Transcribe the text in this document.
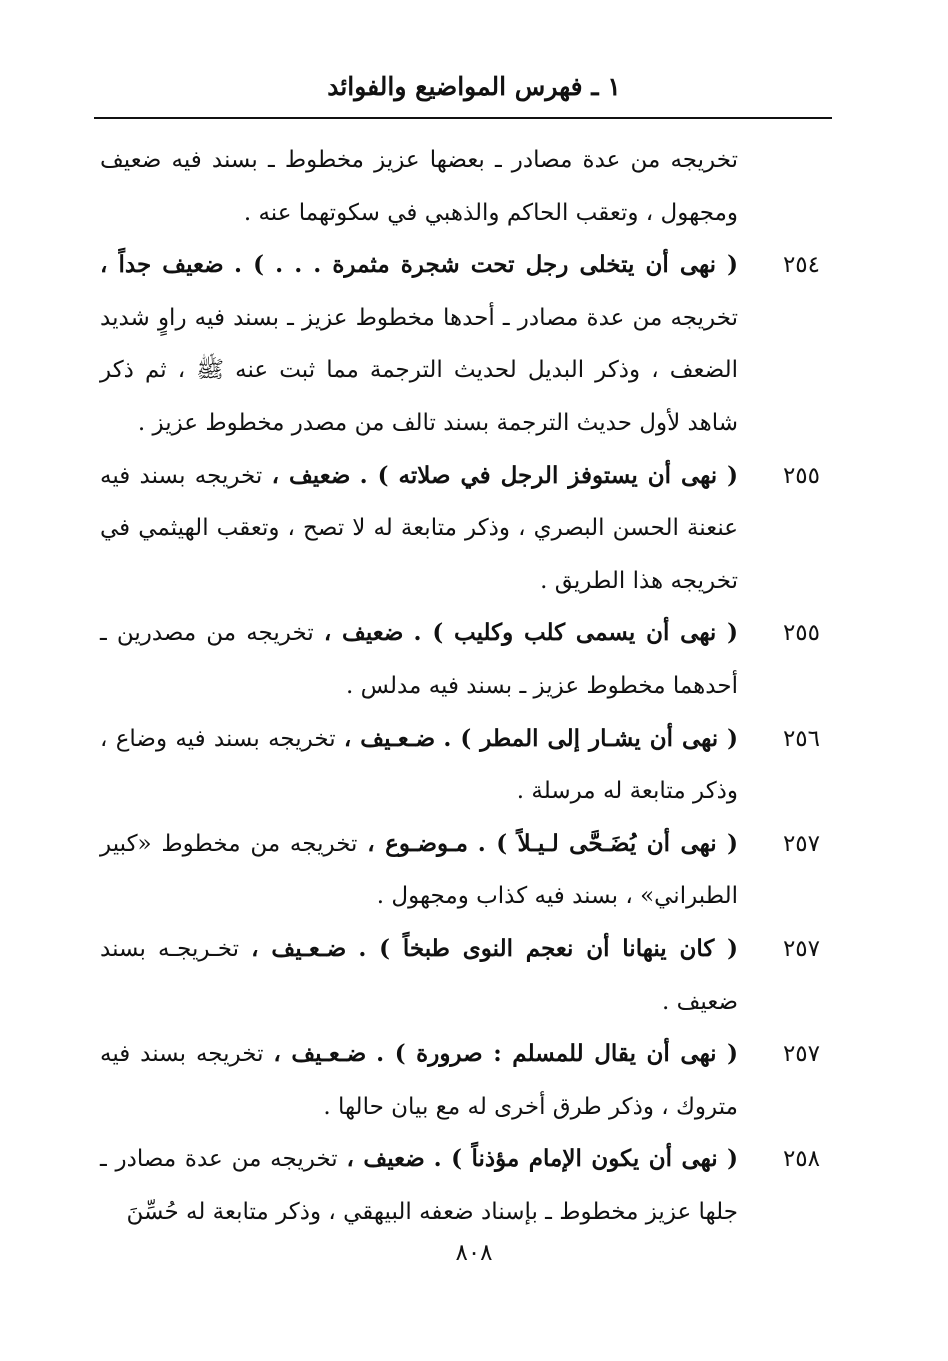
١ ـ فهرس المواضيع والفوائد
تخريجه من عدة مصادر ـ بعضها عزيز مخطوط ـ بسند فيه ضعيف ومجهول ، وتعقب الحاكم والذهبي في سكوتهما عنه .
٢٥٤
( نهى أن يتخلى رجل تحت شجرة مثمرة . . . ) . ضعيف جداً ، تخريجه من عدة مصادر ـ أحدها مخطوط عزيز ـ بسند فيه راوٍ شديد الضعف ، وذكر البديل لحديث الترجمة مما ثبت عنه ﷺ ، ثم ذكر شاهد لأول حديث الترجمة بسند تالف من مصدر مخطوط عزيز .
٢٥٥
( نهى أن يستوفز الرجل في صلاته ) . ضعيف ، تخريجه بسند فيه عنعنة الحسن البصري ، وذكر متابعة له لا تصح ، وتعقب الهيثمي في تخريجه هذا الطريق .
٢٥٥
( نهى أن يسمى كلب وكليب ) . ضعيف ، تخريجه من مصدرين ـ أحدهما مخطوط عزيز ـ بسند فيه مدلس .
٢٥٦
( نهى أن يشـار إلى المطر ) . ضـعـيف ، تخريجه بسند فيه وضاع ، وذكر متابعة له مرسلة .
٢٥٧
( نهى أن يُضَـحَّى لـيـلاً ) . مـوضـوع ، تخريجه من مخطوط «كبير الطبراني» ، بسند فيه كذاب ومجهول .
٢٥٧
( كان ينهانا أن نعجم النوى طبخاً ) . ضـعـيف ، تخـريجـه بسند ضعيف .
٢٥٧
( نهى أن يقال للمسلم : صرورة ) . ضـعـيف ، تخريجه بسند فيه متروك ، وذكر طرق أخرى له مع بيان حالها .
٢٥٨
( نهى أن يكون الإمام مؤذناً ) . ضعيف ، تخريجه من عدة مصادر ـ جلها عزيز مخطوط ـ بإسناد ضعفه البيهقي ، وذكر متابعة له حُسِّنَ
٨٠٨
